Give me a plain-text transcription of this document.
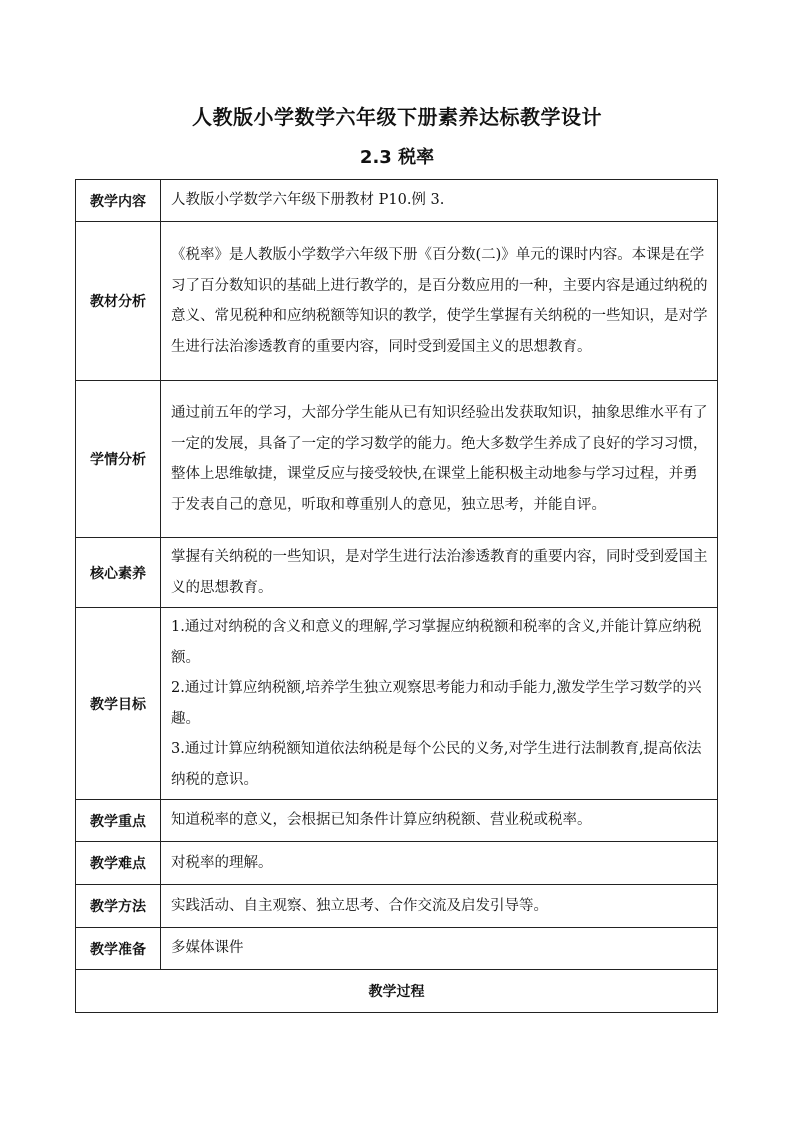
人教版小学数学六年级下册素养达标教学设计
2.3 税率
教学内容	人教版小学数学六年级下册教材 P10.例 3.
教材分析	《税率》是人教版小学数学六年级下册《百分数(二)》单元的课时内容。本课是在学习了百分数知识的基础上进行教学的，是百分数应用的一种，主要内容是通过纳税的意义、常见税种和应纳税额等知识的教学，使学生掌握有关纳税的一些知识，是对学生进行法治渗透教育的重要内容，同时受到爱国主义的思想教育。
学情分析	通过前五年的学习，大部分学生能从已有知识经验出发获取知识，抽象思维水平有了一定的发展，具备了一定的学习数学的能力。绝大多数学生养成了良好的学习习惯，整体上思维敏捷，课堂反应与接受较快,在课堂上能积极主动地参与学习过程，并勇于发表自己的意见，听取和尊重别人的意见，独立思考，并能自评。
核心素养	掌握有关纳税的一些知识，是对学生进行法治渗透教育的重要内容，同时受到爱国主义的思想教育。
教学目标	1.通过对纳税的含义和意义的理解,学习掌握应纳税额和税率的含义,并能计算应纳税额。
2.通过计算应纳税额,培养学生独立观察思考能力和动手能力,激发学生学习数学的兴趣。
3.通过计算应纳税额知道依法纳税是每个公民的义务,对学生进行法制教育,提高依法纳税的意识。

教学重点	知道税率的意义，会根据已知条件计算应纳税额、营业税或税率。
教学难点	对税率的理解。
教学方法	实践活动、自主观察、独立思考、合作交流及启发引导等。
教学准备	多媒体课件
教学过程	
